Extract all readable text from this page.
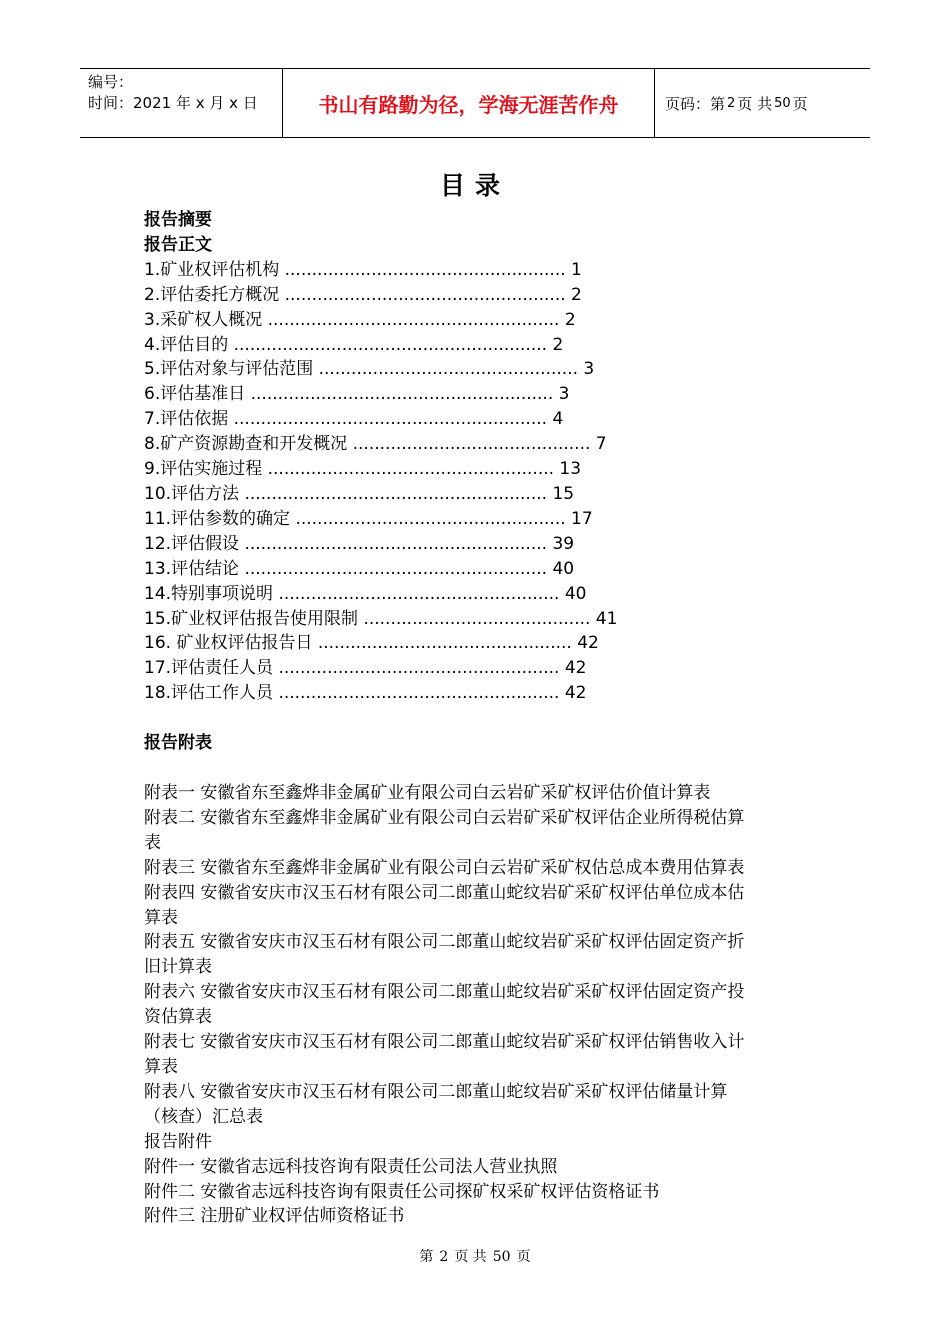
编号：
时间：2021 年 x 月 x 日	书山有路勤为径，学海无涯苦作舟	页码：第 2 页 共 50 页
目录
报告摘要
报告正文
1.矿业权评估机构 .................................................... 1
2.评估委托方概况 .................................................... 2
3.采矿权人概况 ...................................................... 2
4.评估目的 .......................................................... 2
5.评估对象与评估范围 ................................................ 3
6.评估基准日 ........................................................ 3
7.评估依据 .......................................................... 4
8.矿产资源勘查和开发概况 ............................................ 7
9.评估实施过程 ..................................................... 13
10.评估方法 ........................................................ 15
11.评估参数的确定 .................................................. 17
12.评估假设 ........................................................ 39
13.评估结论 ........................................................ 40
14.特别事项说明 .................................................... 40
15.矿业权评估报告使用限制 .......................................... 41
16. 矿业权评估报告日 ............................................... 42
17.评估责任人员 .................................................... 42
18.评估工作人员 .................................................... 42
报告附表
附表一 安徽省东至鑫烨非金属矿业有限公司白云岩矿采矿权评估价值计算表
附表二 安徽省东至鑫烨非金属矿业有限公司白云岩矿采矿权评估企业所得税估算
表
附表三 安徽省东至鑫烨非金属矿业有限公司白云岩矿采矿权估总成本费用估算表
附表四 安徽省安庆市汉玉石材有限公司二郎董山蛇纹岩矿采矿权评估单位成本估
算表
附表五 安徽省安庆市汉玉石材有限公司二郎董山蛇纹岩矿采矿权评估固定资产折
旧计算表
附表六 安徽省安庆市汉玉石材有限公司二郎董山蛇纹岩矿采矿权评估固定资产投
资估算表
附表七 安徽省安庆市汉玉石材有限公司二郎董山蛇纹岩矿采矿权评估销售收入计
算表
附表八 安徽省安庆市汉玉石材有限公司二郎董山蛇纹岩矿采矿权评估储量计算
（核查）汇总表
报告附件
附件一 安徽省志远科技咨询有限责任公司法人营业执照
附件二 安徽省志远科技咨询有限责任公司探矿权采矿权评估资格证书
附件三 注册矿业权评估师资格证书
第 2 页 共 50 页
